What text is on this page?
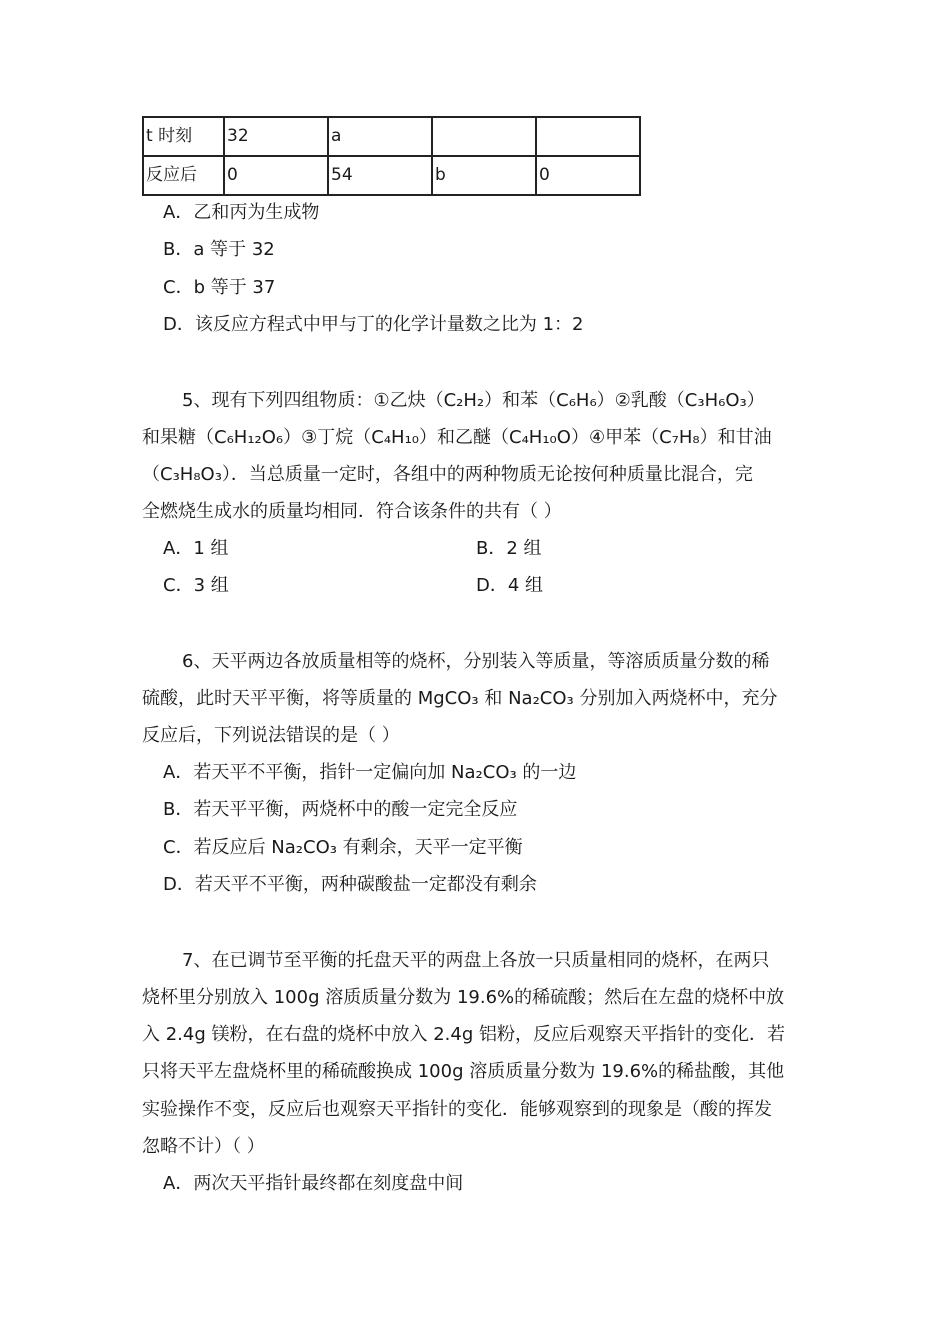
t 时刻	32	a		
反应后	0	54	b	0
A．乙和丙为生成物
B．a 等于 32
C．b 等于 37
D．该反应方程式中甲与丁的化学计量数之比为 1：2
5、现有下列四组物质：①乙炔（C₂H₂）和苯（C₆H₆）②乳酸（C₃H₆O₃）
和果糖（C₆H₁₂O₆）③丁烷（C₄H₁₀）和乙醚（C₄H₁₀O）④甲苯（C₇H₈）和甘油
（C₃H₈O₃）．当总质量一定时，各组中的两种物质无论按何种质量比混合，完
全燃烧生成水的质量均相同．符合该条件的共有（ ）
A．1 组	B．2 组
C．3 组	D．4 组
6、天平两边各放质量相等的烧杯，分别装入等质量，等溶质质量分数的稀
硫酸，此时天平平衡，将等质量的 MgCO₃ 和 Na₂CO₃ 分别加入两烧杯中，充分
反应后，下列说法错误的是（ ）
A．若天平不平衡，指针一定偏向加 Na₂CO₃ 的一边
B．若天平平衡，两烧杯中的酸一定完全反应
C．若反应后 Na₂CO₃ 有剩余，天平一定平衡
D．若天平不平衡，两种碳酸盐一定都没有剩余
7、在已调节至平衡的托盘天平的两盘上各放一只质量相同的烧杯，在两只
烧杯里分别放入 100g 溶质质量分数为 19.6%的稀硫酸；然后在左盘的烧杯中放
入 2.4g 镁粉，在右盘的烧杯中放入 2.4g 铝粉，反应后观察天平指针的变化．若
只将天平左盘烧杯里的稀硫酸换成 100g 溶质质量分数为 19.6%的稀盐酸，其他
实验操作不变，反应后也观察天平指针的变化．能够观察到的现象是（酸的挥发
忽略不计）（ ）
A．两次天平指针最终都在刻度盘中间
